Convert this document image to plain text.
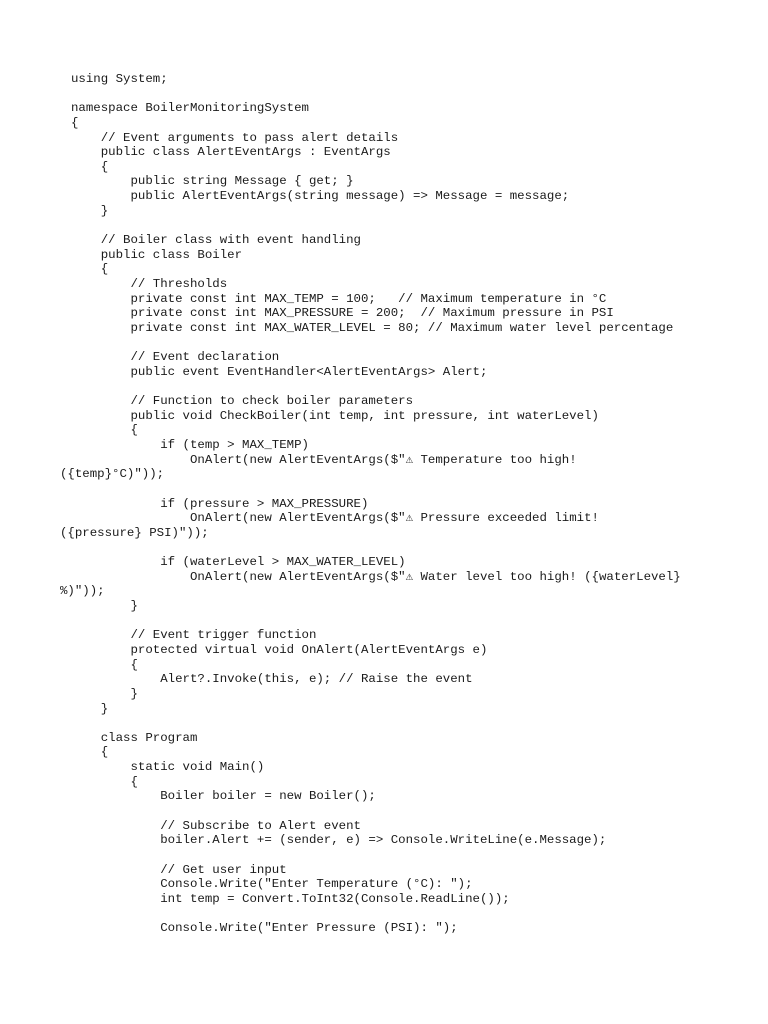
using System;
namespace BoilerMonitoringSystem
{
// Event arguments to pass alert details
public class AlertEventArgs : EventArgs
{
public string Message { get; }
public AlertEventArgs(string message) => Message = message;
}
// Boiler class with event handling
public class Boiler
{
// Thresholds
private const int MAX_TEMP = 100;   // Maximum temperature in °C
private const int MAX_PRESSURE = 200;  // Maximum pressure in PSI
private const int MAX_WATER_LEVEL = 80; // Maximum water level percentage
// Event declaration
public event EventHandler<AlertEventArgs> Alert;
// Function to check boiler parameters
public void CheckBoiler(int temp, int pressure, int waterLevel)
{
if (temp > MAX_TEMP)
OnAlert(new AlertEventArgs($"⚠ Temperature too high!
({temp}°C)"));
if (pressure > MAX_PRESSURE)
OnAlert(new AlertEventArgs($"⚠ Pressure exceeded limit!
({pressure} PSI)"));
if (waterLevel > MAX_WATER_LEVEL)
OnAlert(new AlertEventArgs($"⚠ Water level too high! ({waterLevel}
%)"));
}
// Event trigger function
protected virtual void OnAlert(AlertEventArgs e)
{
Alert?.Invoke(this, e); // Raise the event
}
}
class Program
{
static void Main()
{
Boiler boiler = new Boiler();
// Subscribe to Alert event
boiler.Alert += (sender, e) => Console.WriteLine(e.Message);
// Get user input
Console.Write("Enter Temperature (°C): ");
int temp = Convert.ToInt32(Console.ReadLine());
Console.Write("Enter Pressure (PSI): ");
